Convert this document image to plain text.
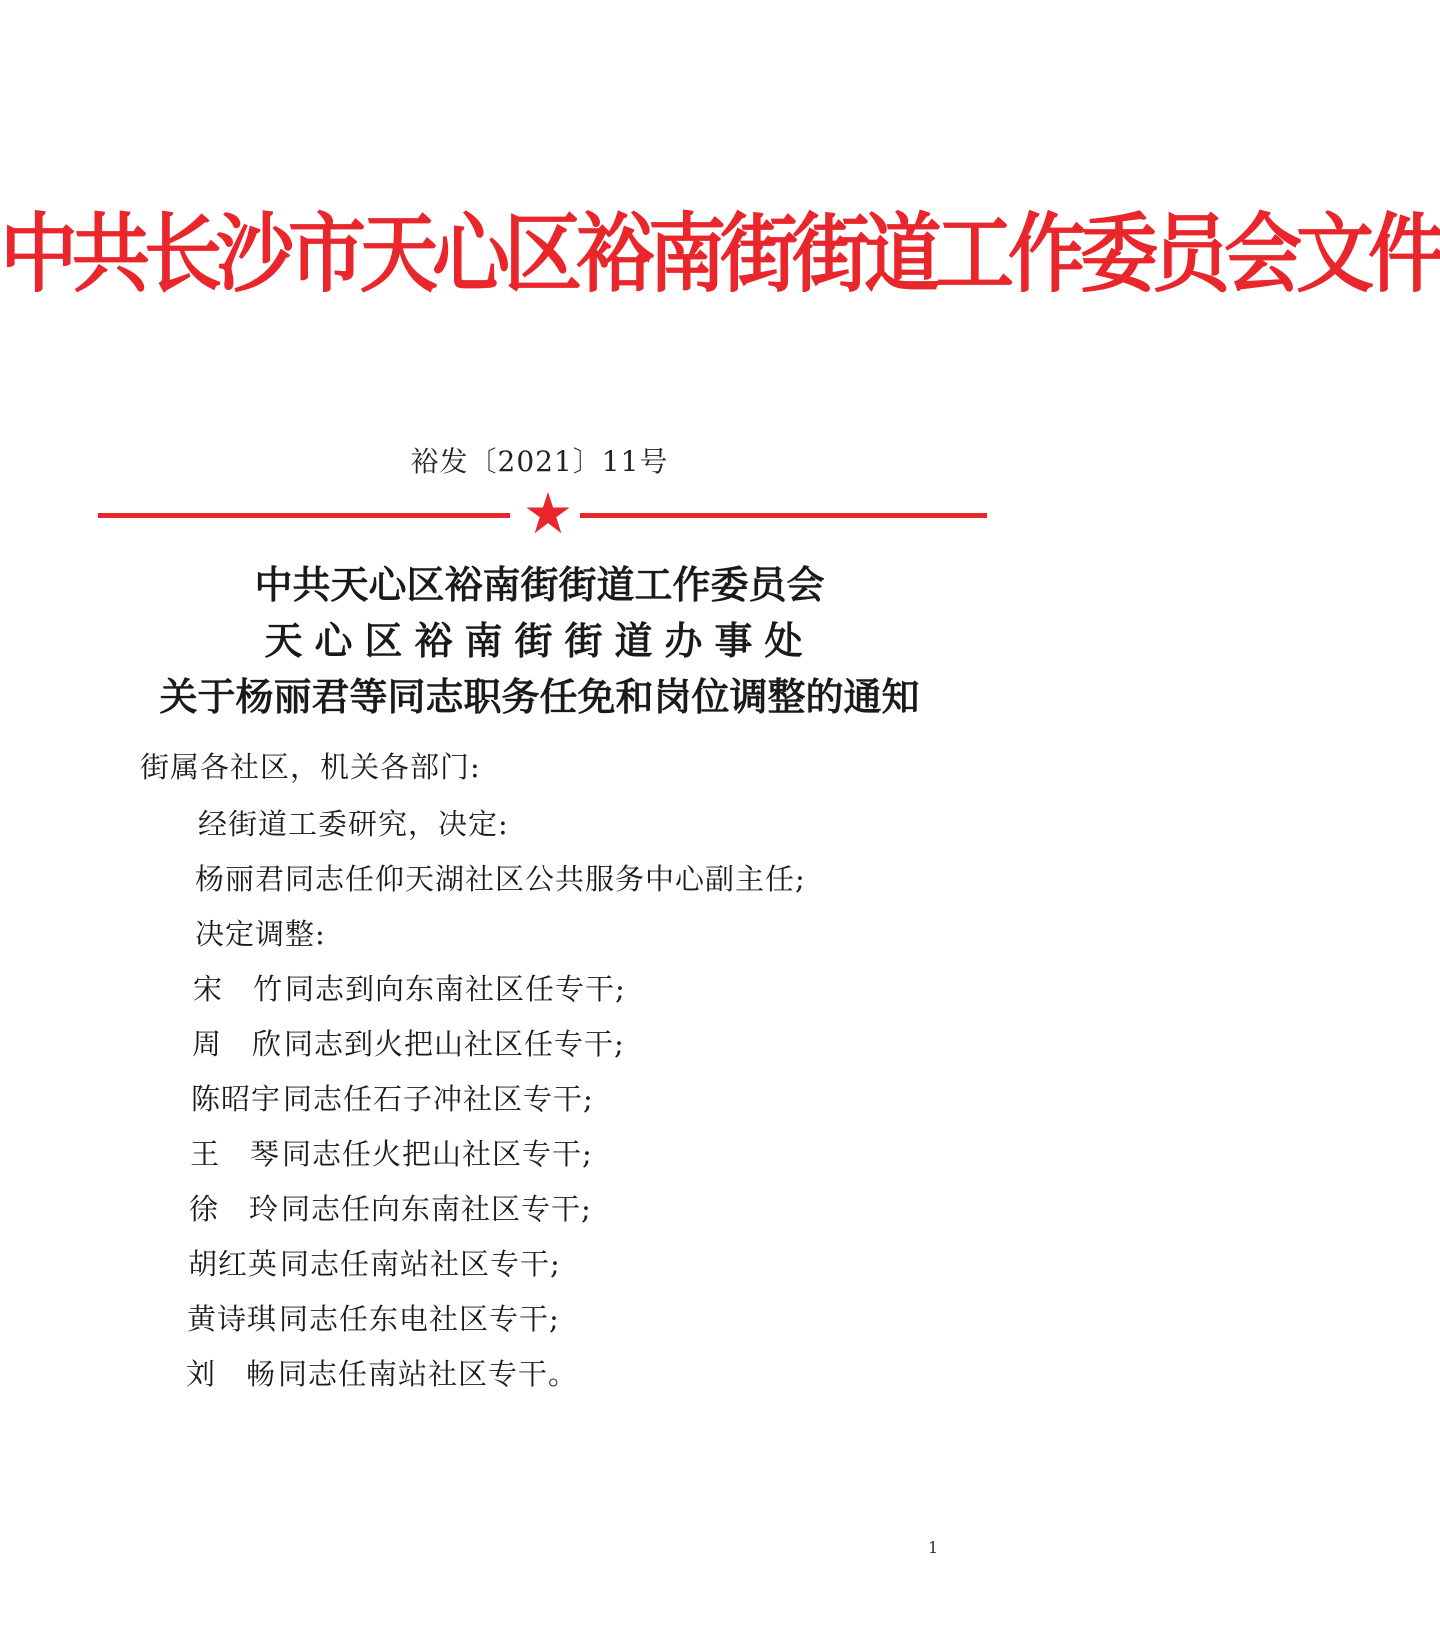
中共长沙市天心区裕南街街道工作委员会文件
裕发〔2021〕11号
中共天心区裕南街街道工作委员会
天心区裕南街街道办事处
关于杨丽君等同志职务任免和岗位调整的通知
街属各社区，机关各部门:
经街道工委研究，决定:
杨丽君同志任仰天湖社区公共服务中心副主任;
决定调整:
宋　竹同志到向东南社区任专干;
周　欣同志到火把山社区任专干;
陈昭宇同志任石子冲社区专干;
王　琴同志任火把山社区专干;
徐　玲同志任向东南社区专干;
胡红英同志任南站社区专干;
黄诗琪同志任东电社区专干;
刘　畅同志任南站社区专干。
1
